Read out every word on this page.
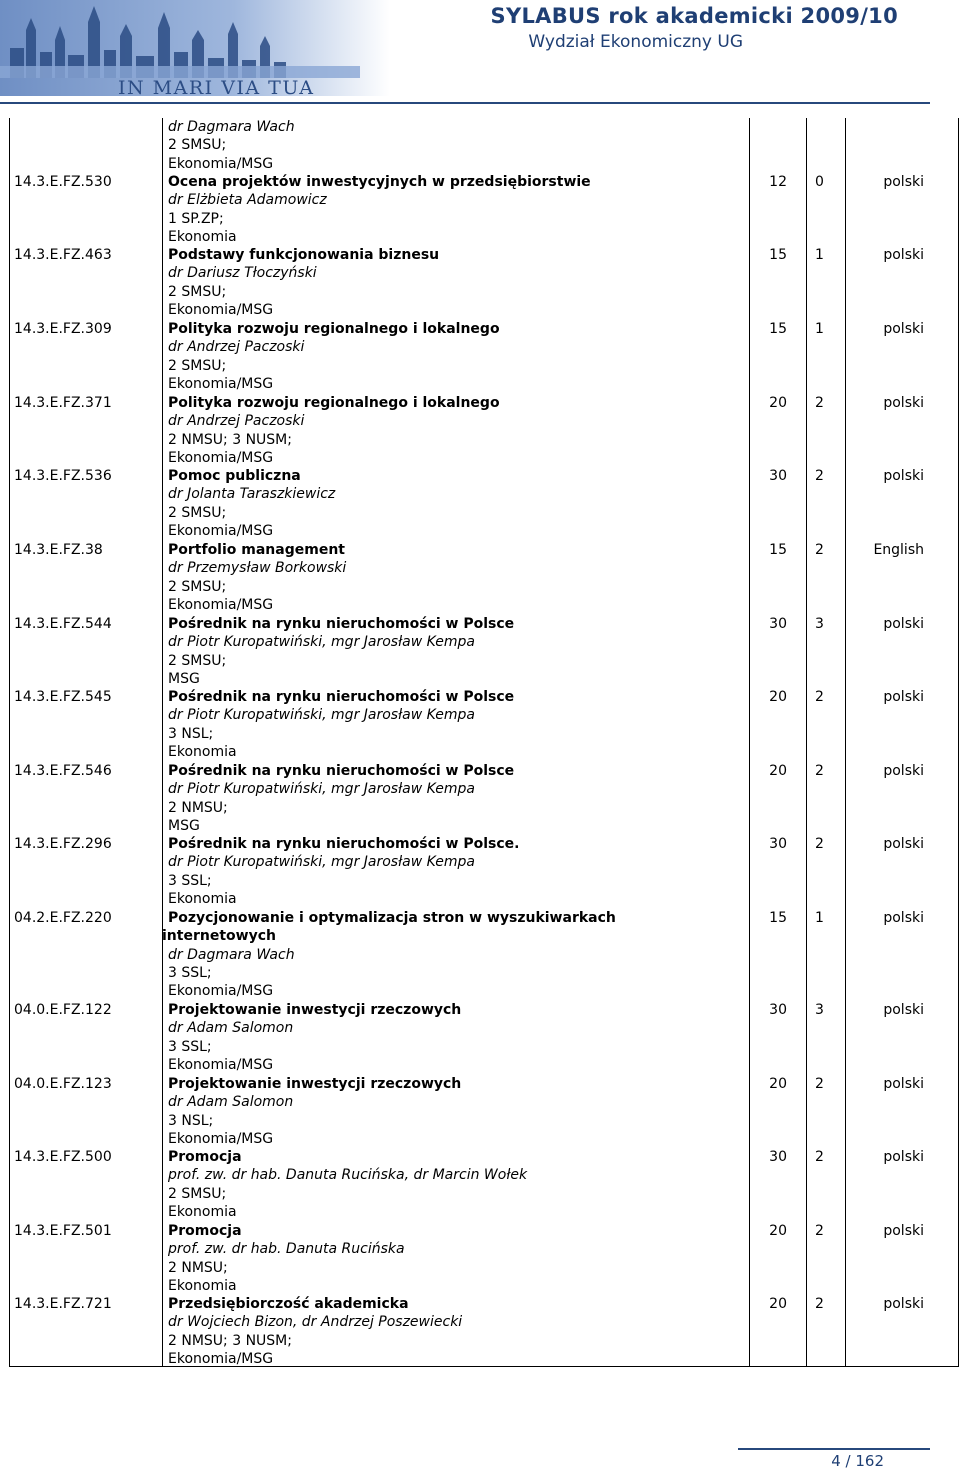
IN MARI VIA TUA
SYLABUS rok akademicki 2009/10
Wydział Ekonomiczny UG
dr Dagmara Wach
2 SMSU;
Ekonomia/MSG
14.3.E.FZ.530	Ocena projektów inwestycyjnych w przedsiębiorstwie
dr Elżbieta Adamowicz
1 SP.ZP;
Ekonomia
12 0	polski
14.3.E.FZ.463	Podstawy funkcjonowania biznesu
dr Dariusz Tłoczyński
2 SMSU;
Ekonomia/MSG
15 1	polski
14.3.E.FZ.309	Polityka rozwoju regionalnego i lokalnego
dr Andrzej Paczoski
2 SMSU;
Ekonomia/MSG
15 1	polski
14.3.E.FZ.371	Polityka rozwoju regionalnego i lokalnego
dr Andrzej Paczoski
2 NMSU; 3 NUSM;
Ekonomia/MSG
20 2	polski
14.3.E.FZ.536	Pomoc publiczna
dr Jolanta Taraszkiewicz
2 SMSU;
Ekonomia/MSG
30 2	polski
14.3.E.FZ.38	Portfolio management
dr Przemysław Borkowski
2 SMSU;
Ekonomia/MSG
15 2	English
14.3.E.FZ.544	Pośrednik na rynku nieruchomości w Polsce
dr Piotr Kuropatwiński, mgr Jarosław Kempa
2 SMSU;
MSG
30 3	polski
14.3.E.FZ.545	Pośrednik na rynku nieruchomości w Polsce
dr Piotr Kuropatwiński, mgr Jarosław Kempa
3 NSL;
Ekonomia
20 2	polski
14.3.E.FZ.546	Pośrednik na rynku nieruchomości w Polsce
dr Piotr Kuropatwiński, mgr Jarosław Kempa
2 NMSU;
MSG
20 2	polski
14.3.E.FZ.296	Pośrednik na rynku nieruchomości w Polsce.
dr Piotr Kuropatwiński, mgr Jarosław Kempa
3 SSL;
Ekonomia
30 2	polski
04.2.E.FZ.220	Pozycjonowanie i optymalizacja stron w wyszukiwarkach
internetowych
dr Dagmara Wach
3 SSL;
Ekonomia/MSG
15 1	polski
04.0.E.FZ.122	Projektowanie inwestycji rzeczowych
dr Adam Salomon
3 SSL;
Ekonomia/MSG
30 3	polski
04.0.E.FZ.123	Projektowanie inwestycji rzeczowych
dr Adam Salomon
3 NSL;
Ekonomia/MSG
20 2	polski
14.3.E.FZ.500	Promocja
prof. zw. dr hab. Danuta Rucińska, dr Marcin Wołek
2 SMSU;
Ekonomia
30 2	polski
14.3.E.FZ.501	Promocja
prof. zw. dr hab. Danuta Rucińska
2 NMSU;
Ekonomia
20 2	polski
14.3.E.FZ.721	Przedsiębiorczość akademicka
dr Wojciech Bizon, dr Andrzej Poszewiecki
2 NMSU; 3 NUSM;
Ekonomia/MSG
20 2	polski
4 / 162
